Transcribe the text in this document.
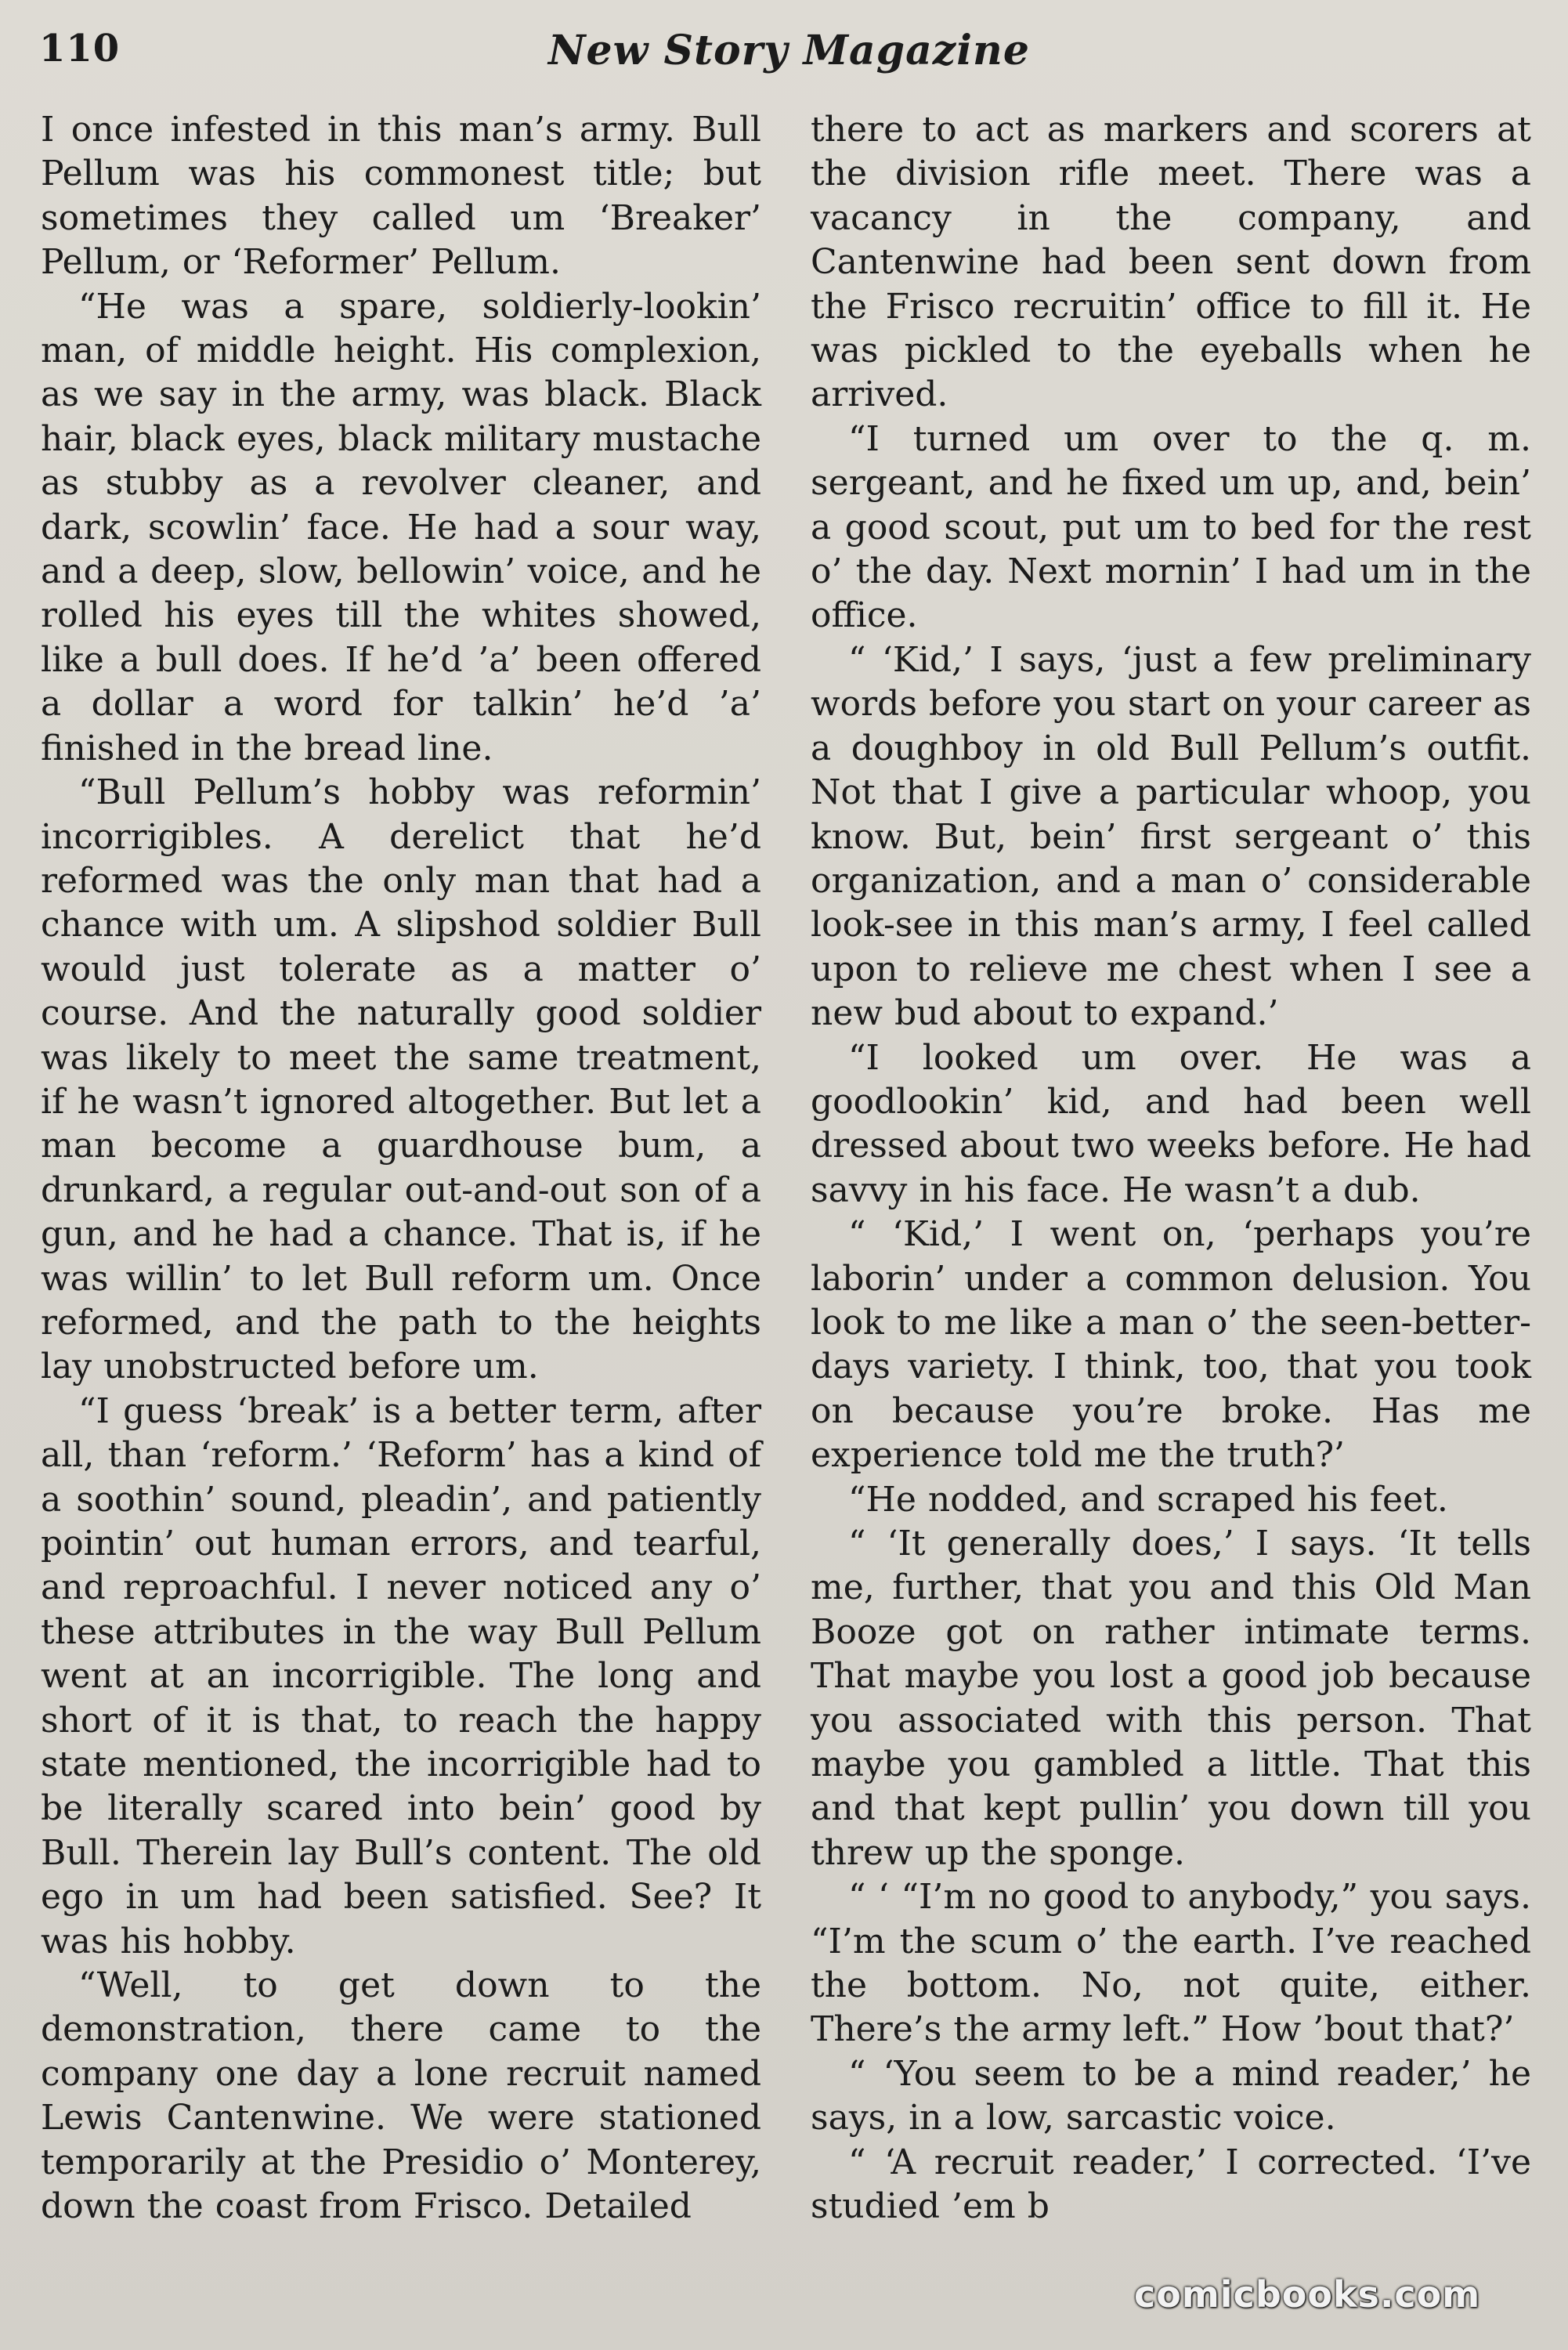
110	New Story Magazine

I once infested in this man’s army. Bull Pellum was his commonest title; but sometimes they called um ‘Breaker’ Pellum, or ‘Reformer’ Pellum.

“He was a spare, soldierly-lookin’ man, of middle height. His complexion, as we say in the army, was black. Black hair, black eyes, black military mustache as stubby as a revolver cleaner, and dark, scowlin’ face. He had a sour way, and a deep, slow, bellowin’ voice, and he rolled his eyes till the whites showed, like a bull does. If he’d ’a’ been offered a dollar a word for talkin’ he’d ’a’ finished in the bread line.

“Bull Pellum’s hobby was reformin’ incorrigibles. A derelict that he’d reformed was the only man that had a chance with um. A slipshod soldier Bull would just tolerate as a matter o’ course. And the naturally good soldier was likely to meet the same treatment, if he wasn’t ignored altogether. But let a man become a guardhouse bum, a drunkard, a regular out-and-out son of a gun, and he had a chance. That is, if he was willin’ to let Bull reform um. Once reformed, and the path to the heights lay unobstructed before um.

“I guess ‘break’ is a better term, after all, than ‘reform.’ ‘Reform’ has a kind of a soothin’ sound, pleadin’, and patiently pointin’ out human errors, and tearful, and reproachful. I never noticed any o’ these attributes in the way Bull Pellum went at an incorrigible. The long and short of it is that, to reach the happy state mentioned, the incorrigible had to be literally scared into bein’ good by Bull. Therein lay Bull’s content. The old ego in um had been satisfied. See? It was his hobby.

“Well, to get down to the demonstration, there came to the company one day a lone recruit named Lewis Cantenwine. We were stationed temporarily at the Presidio o’ Monterey, down the coast from Frisco. Detailed

there to act as markers and scorers at the division rifle meet. There was a vacancy in the company, and Cantenwine had been sent down from the Frisco recruitin’ office to fill it. He was pickled to the eyeballs when he arrived.

“I turned um over to the q. m. sergeant, and he fixed um up, and, bein’ a good scout, put um to bed for the rest o’ the day. Next mornin’ I had um in the office.

“ ‘Kid,’ I says, ‘just a few preliminary words before you start on your career as a doughboy in old Bull Pellum’s outfit. Not that I give a particular whoop, you know. But, bein’ first sergeant o’ this organization, and a man o’ considerable look-see in this man’s army, I feel called upon to relieve me chest when I see a new bud about to expand.’

“I looked um over. He was a goodlookin’ kid, and had been well dressed about two weeks before. He had savvy in his face. He wasn’t a dub.

“ ‘Kid,’ I went on, ‘perhaps you’re laborin’ under a common delusion. You look to me like a man o’ the seen-better-days variety. I think, too, that you took on because you’re broke. Has me experience told me the truth?’

“He nodded, and scraped his feet.

“ ‘It generally does,’ I says. ‘It tells me, further, that you and this Old Man Booze got on rather intimate terms. That maybe you lost a good job because you associated with this person. That maybe you gambled a little. That this and that kept pullin’ you down till you threw up the sponge.

“ ‘ “I’m no good to anybody,” you says. “I’m the scum o’ the earth. I’ve reached the bottom. No, not quite, either. There’s the army left.” How ’bout that?’

“ ‘You seem to be a mind reader,’ he says, in a low, sarcastic voice.

“ ‘A recruit reader,’ I corrected. ‘I’ve studied ’em b

comicbooks.com
